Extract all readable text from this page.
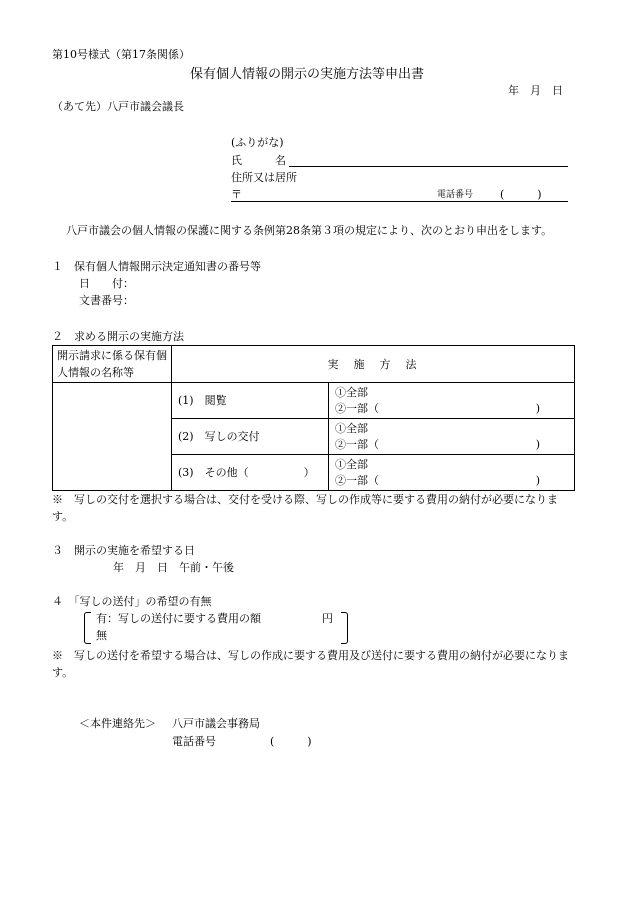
第10号様式（第17条関係）
保有個人情報の開示の実施方法等申出書
年　月　日
（あて先）八戸市議会議長
(ふりがな)
氏　　　名
住所又は居所
〒	電話番号 (　　　)
八戸市議会の個人情報の保護に関する条例第28条第３項の規定により、次のとおり申出をします。
１　保有個人情報開示決定通知書の番号等
日　　付：
文書番号：
２　求める開示の実施方法
開示請求に係る保有個人情報の名称等	実　施　方　法	
	(1)　閲覧	①全部
②一部（ )

	(2)　写しの交付	①全部
②一部（ )

	(3)　その他（　　　　　）	①全部
②一部（ )
※　写しの交付を選択する場合は、交付を受ける際、写しの作成等に要する費用の納付が必要になります。
３　開示の実施を希望する日
年　月　日　午前・午後
４　「写しの送付」の希望の有無
有：写しの送付に要する費用の額	円
無
※　写しの送付を希望する場合は、写しの作成に要する費用及び送付に要する費用の納付が必要になります。
＜本件連絡先＞ 八戸市議会事務局
電話番号	(　　　)
